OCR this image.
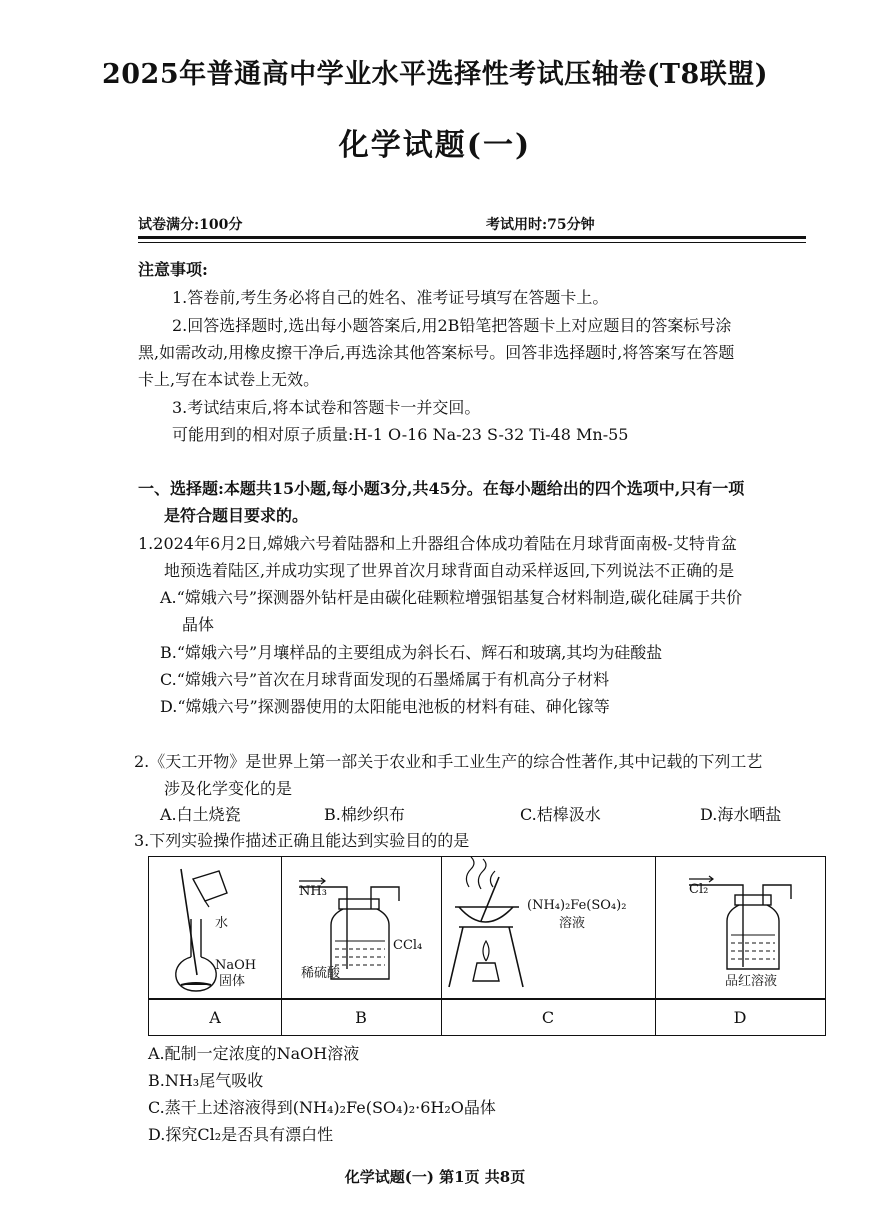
2025年普通高中学业水平选择性考试压轴卷(T8联盟)
化学试题(一)
试卷满分:100分	考试用时:75分钟
注意事项:
1.答卷前,考生务必将自己的姓名、准考证号填写在答题卡上。
2.回答选择题时,选出每小题答案后,用2B铅笔把答题卡上对应题目的答案标号涂
黑,如需改动,用橡皮擦干净后,再选涂其他答案标号。回答非选择题时,将答案写在答题
卡上,写在本试卷上无效。
3.考试结束后,将本试卷和答题卡一并交回。
可能用到的相对原子质量:H-1 O-16 Na-23 S-32 Ti-48 Mn-55
一、选择题:本题共15小题,每小题3分,共45分。在每小题给出的四个选项中,只有一项
是符合题目要求的。
1.2024年6月2日,嫦娥六号着陆器和上升器组合体成功着陆在月球背面南极-艾特肯盆
地预选着陆区,并成功实现了世界首次月球背面自动采样返回,下列说法不正确的是
A.“嫦娥六号”探测器外钻杆是由碳化硅颗粒增强铝基复合材料制造,碳化硅属于共价
晶体
B.“嫦娥六号”月壤样品的主要组成为斜长石、辉石和玻璃,其均为硅酸盐
C.“嫦娥六号”首次在月球背面发现的石墨烯属于有机高分子材料
D.“嫦娥六号”探测器使用的太阳能电池板的材料有硅、砷化镓等
2.《天工开物》是世界上第一部关于农业和手工业生产的综合性著作,其中记载的下列工艺
涉及化学变化的是
A.白土烧瓷	B.棉纱织布	C.桔槔汲水	D.海水晒盐
3.下列实验操作描述正确且能达到实验目的的是
水
NaOH
固体
A
NH₃
CCl₄
稀硫酸
B
(NH₄)₂Fe(SO₄)₂
溶液
C
Cl₂
品红溶液
D
A.配制一定浓度的NaOH溶液
B.NH₃尾气吸收
C.蒸干上述溶液得到(NH₄)₂Fe(SO₄)₂·6H₂O晶体
D.探究Cl₂是否具有漂白性
化学试题(一) 第1页 共8页
